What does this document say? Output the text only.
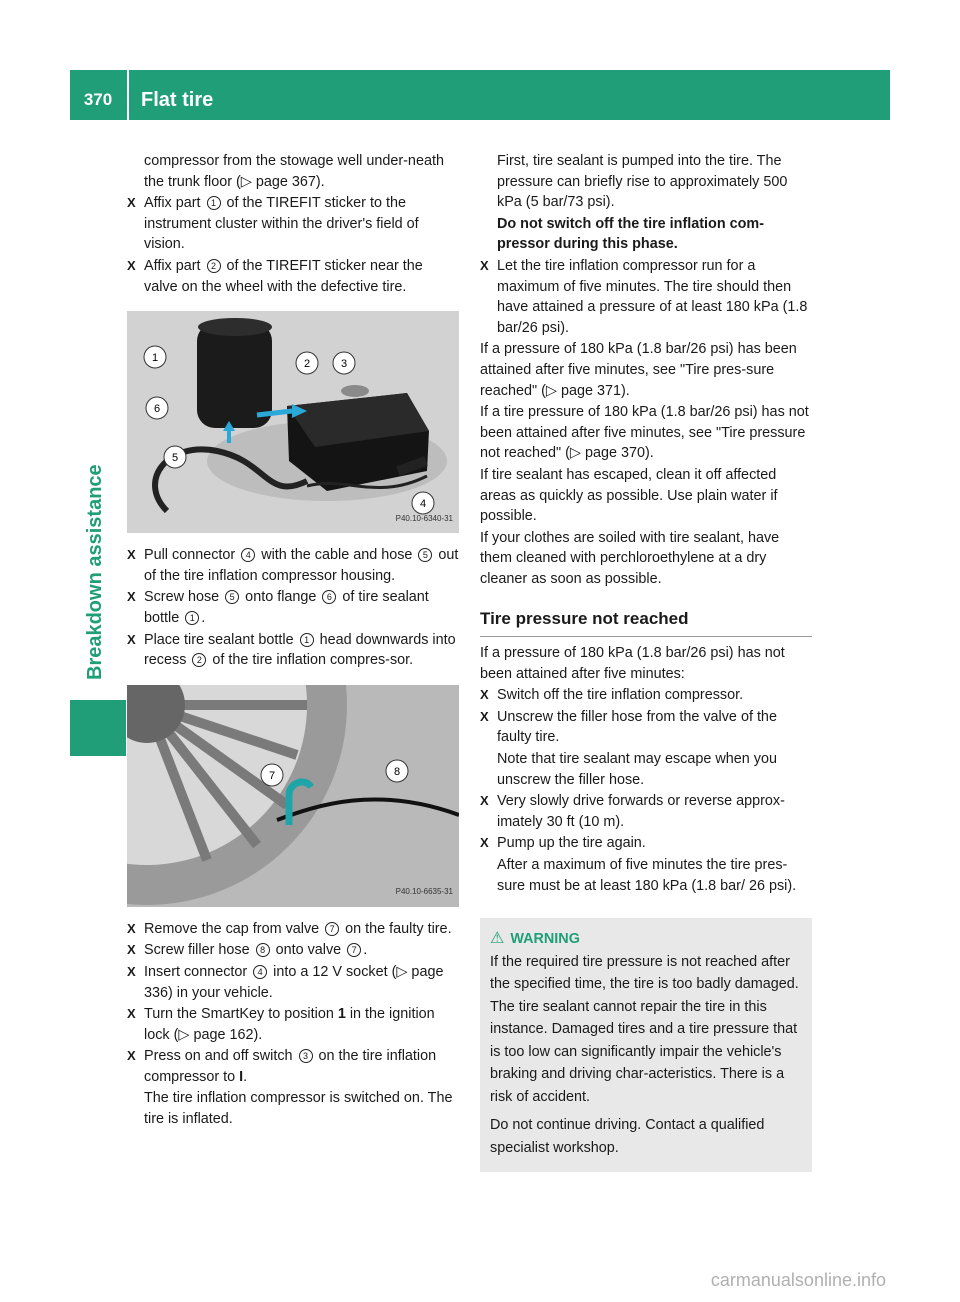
370	Flat tire
Breakdown assistance

compressor from the stowage well under-neath the trunk floor (▷ page 367).

X Affix part 1 of the TIREFIT sticker to the instrument cluster within the driver's field of vision.
X Affix part 2 of the TIREFIT sticker near the valve on the wheel with the defective tire.
1	2	3
4
5
6
P40.10-6340-31
X Pull connector 4 with the cable and hose 5 out of the tire inflation compressor housing.
X Screw hose 5 onto flange 6 of tire sealant bottle 1 .
X Place tire sealant bottle 1 head downwards into recess 2 of the tire inflation compres-sor.
7	8
P40.10-6635-31
X Remove the cap from valve 7 on the faulty tire.
X Screw filler hose 8 onto valve 7 .
X Insert connector 4 into a 12 V socket (▷ page 336) in your vehicle.
X Turn the SmartKey to position 1 in the ignition lock (▷ page 162).
X Press on and off switch 3 on the tire inflation compressor to I.

The tire inflation compressor is switched on. The tire is inflated.

First, tire sealant is pumped into the tire. The pressure can briefly rise to approximately 500 kPa (5 bar/73 psi).

Do not switch off the tire inflation com-pressor during this phase.

X Let the tire inflation compressor run for a maximum of five minutes. The tire should then have attained a pressure of at least 180 kPa (1.8 bar/26 psi).

If a pressure of 180 kPa (1.8 bar/26 psi) has been attained after five minutes, see "Tire pres-sure reached" (▷ page 371).

If a tire pressure of 180 kPa (1.8 bar/26 psi) has not been attained after five minutes, see "Tire pressure not reached" (▷ page 370).

If tire sealant has escaped, clean it off affected areas as quickly as possible. Use plain water if possible.

If your clothes are soiled with tire sealant, have them cleaned with perchloroethylene at a dry cleaner as soon as possible.

Tire pressure not reached

If a pressure of 180 kPa (1.8 bar/26 psi) has not been attained after five minutes:

X Switch off the tire inflation compressor.
X Unscrew the filler hose from the valve of the faulty tire.

Note that tire sealant may escape when you unscrew the filler hose.

X Very slowly drive forwards or reverse approx-imately 30 ft (10 m).
X Pump up the tire again.

After a maximum of five minutes the tire pres-sure must be at least 180 kPa (1.8 bar/ 26 psi).

⚠ WARNING

If the required tire pressure is not reached after the specified time, the tire is too badly damaged. The tire sealant cannot repair the tire in this instance. Damaged tires and a tire pressure that is too low can significantly impair the vehicle's braking and driving char-acteristics. There is a risk of accident.

Do not continue driving. Contact a qualified specialist workshop.

carmanualsonline.info
